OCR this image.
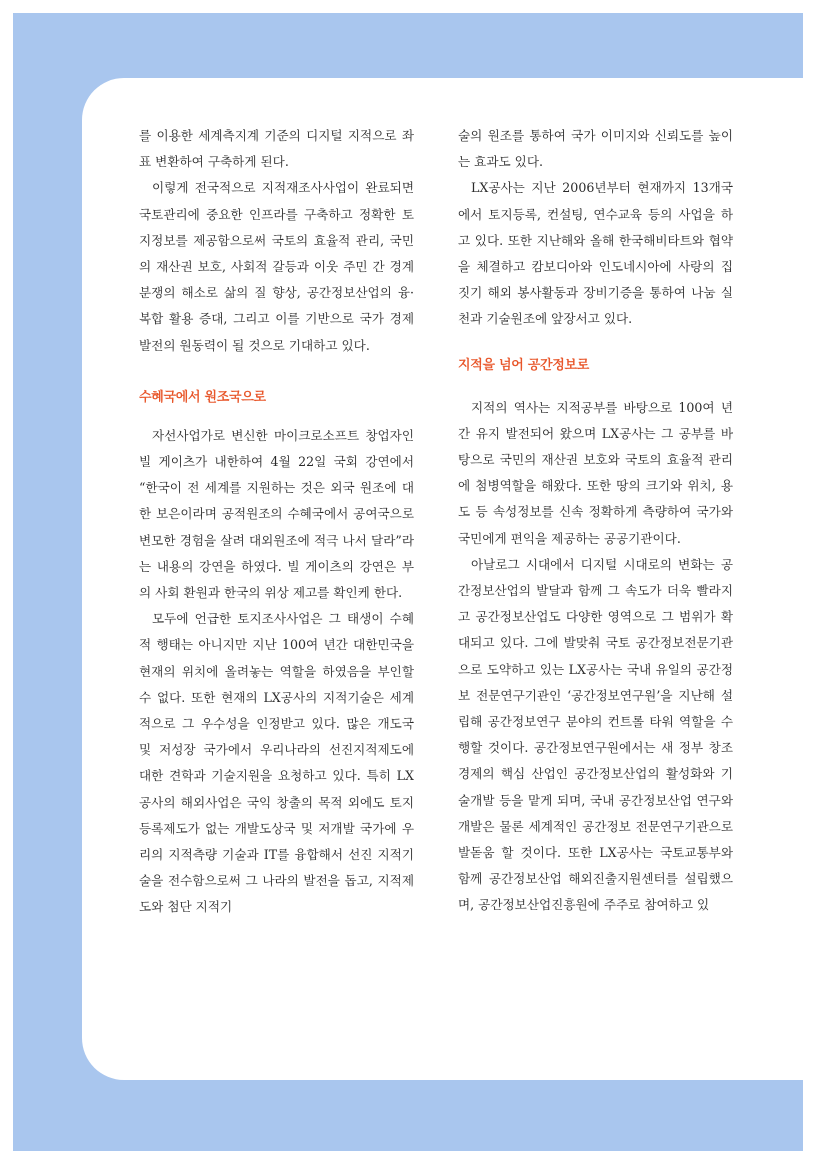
를 이용한 세계측지계 기준의 디지털 지적으로 좌표 변환하여 구축하게 된다.

이렇게 전국적으로 지적재조사사업이 완료되면 국토관리에 중요한 인프라를 구축하고 정확한 토지정보를 제공함으로써 국토의 효율적 관리, 국민의 재산권 보호, 사회적 갈등과 이웃 주민 간 경계 분쟁의 해소로 삶의 질 향상, 공간정보산업의 융·복합 활용 증대, 그리고 이를 기반으로 국가 경제 발전의 원동력이 될 것으로 기대하고 있다.

수혜국에서 원조국으로

자선사업가로 변신한 마이크로소프트 창업자인 빌 게이츠가 내한하여 4월 22일 국회 강연에서 “한국이 전 세계를 지원하는 것은 외국 원조에 대한 보은이라며 공적원조의 수혜국에서 공여국으로 변모한 경험을 살려 대외원조에 적극 나서 달라”라는 내용의 강연을 하였다. 빌 게이츠의 강연은 부의 사회 환원과 한국의 위상 제고를 확인케 한다.

모두에 언급한 토지조사사업은 그 태생이 수혜적 행태는 아니지만 지난 100여 년간 대한민국을 현재의 위치에 올려놓는 역할을 하였음을 부인할 수 없다. 또한 현재의 LX공사의 지적기술은 세계적으로 그 우수성을 인정받고 있다. 많은 개도국 및 저성장 국가에서 우리나라의 선진지적제도에 대한 견학과 기술지원을 요청하고 있다. 특히 LX공사의 해외사업은 국익 창출의 목적 외에도 토지등록제도가 없는 개발도상국 및 저개발 국가에 우리의 지적측량 기술과 IT를 융합해서 선진 지적기술을 전수함으로써 그 나라의 발전을 돕고, 지적제도와 첨단 지적기

술의 원조를 통하여 국가 이미지와 신뢰도를 높이는 효과도 있다.

LX공사는 지난 2006년부터 현재까지 13개국에서 토지등록, 컨설팅, 연수교육 등의 사업을 하고 있다. 또한 지난해와 올해 한국해비타트와 협약을 체결하고 캄보디아와 인도네시아에 사랑의 집짓기 해외 봉사활동과 장비기증을 통하여 나눔 실천과 기술원조에 앞장서고 있다.

지적을 넘어 공간정보로

지적의 역사는 지적공부를 바탕으로 100여 년간 유지 발전되어 왔으며 LX공사는 그 공부를 바탕으로 국민의 재산권 보호와 국토의 효율적 관리에 첨병역할을 해왔다. 또한 땅의 크기와 위치, 용도 등 속성정보를 신속 정확하게 측량하여 국가와 국민에게 편익을 제공하는 공공기관이다.

아날로그 시대에서 디지털 시대로의 변화는 공간정보산업의 발달과 함께 그 속도가 더욱 빨라지고 공간정보산업도 다양한 영역으로 그 범위가 확대되고 있다. 그에 발맞춰 국토 공간정보전문기관으로 도약하고 있는 LX공사는 국내 유일의 공간정보 전문연구기관인 ‘공간정보연구원’을 지난해 설립해 공간정보연구 분야의 컨트롤 타워 역할을 수행할 것이다. 공간정보연구원에서는 새 정부 창조경제의 핵심 산업인 공간정보산업의 활성화와 기술개발 등을 맡게 되며, 국내 공간정보산업 연구와 개발은 물론 세계적인 공간정보 전문연구기관으로 발돋움 할 것이다. 또한 LX공사는 국토교통부와 함께 공간정보산업 해외진출지원센터를 설립했으며, 공간정보산업진흥원에 주주로 참여하고 있
